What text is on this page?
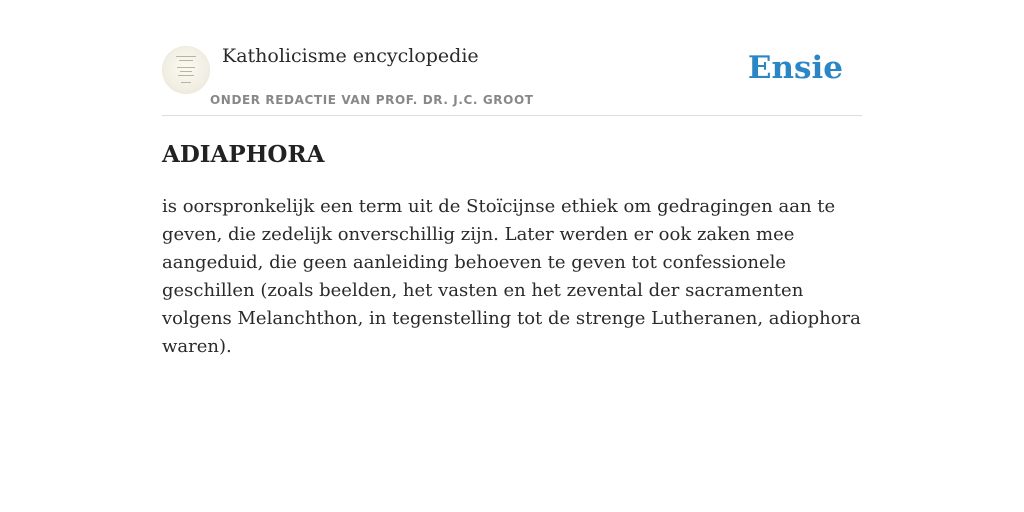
Katholicisme encyclopedie
ONDER REDACTIE VAN PROF. DR. J.C. GROOT
Ensie
ADIAPHORA

is oorspronkelijk een term uit de Stoïcijnse ethiek om gedragingen aan te geven, die zedelijk onverschillig zijn. Later werden er ook zaken mee aangeduid, die geen aanleiding behoeven te geven tot confessionele geschillen (zoals beelden, het vasten en het zevental der sacramenten volgens Melanchthon, in tegenstelling tot de strenge Lutheranen, adiophora waren).
